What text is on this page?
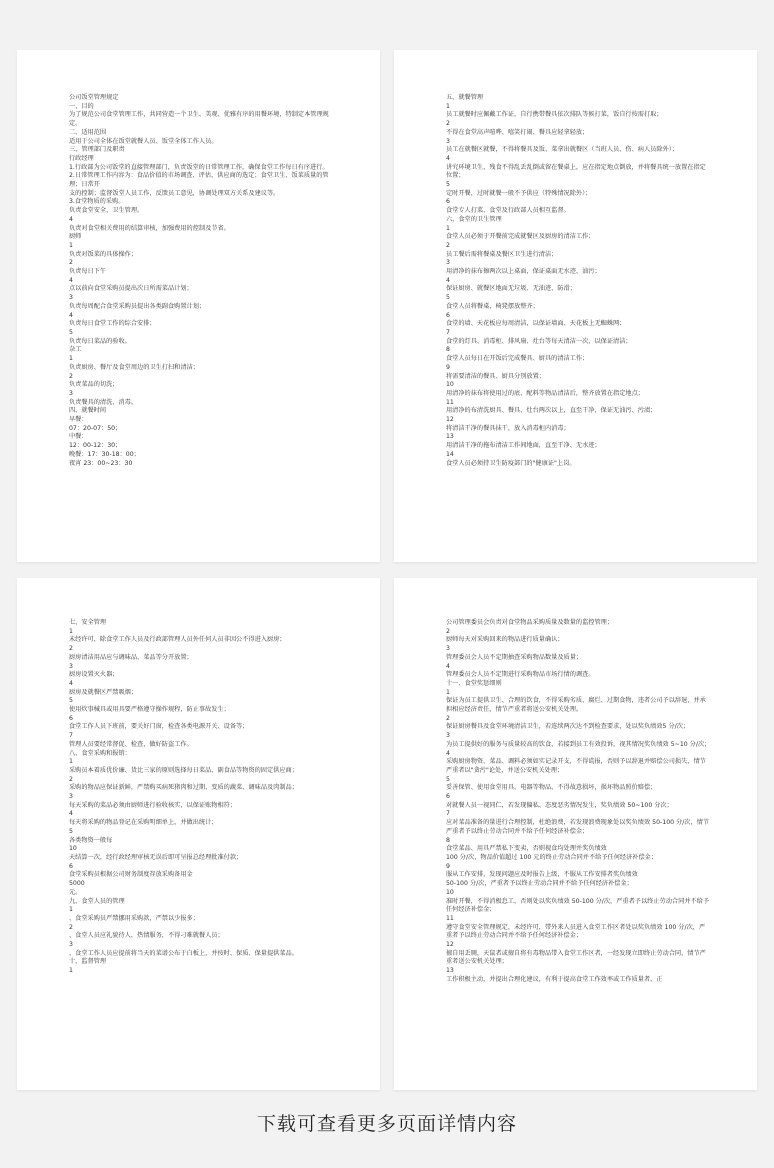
公司饭堂管理规定

一、目的

为了规范公司食堂管理工作，共同营造一个卫生、美观、优雅有序的用餐环境，特制定本管理规定。

二、适用范围

适用于公司全体在饭堂就餐人员、饭堂全体工作人员。

三、管理部门及职责

行政经理

1.行政部为公司饭堂的直接管理部门，负责饭堂的日常管理工作，确保食堂工作每日有序进行。

2.日常管理工作内容为：食品价值的市场调查、评估、供应商的选定；食堂卫生、饭菜质量的管理；日常开

支的控制；监督饭堂人员工作，反馈员工意见，协调处理双方关系及建议等。

3.食堂物质的采购。

负责食堂安全，卫生管理。

4

负责对食堂相关费用的结算审核，加强费用的控制及节省。

厨师

1

负责对饭菜的具体操作；

2

负责每日下午

4

点以前向食堂采购员提出次日所需菜品计划；

3

负责每周配合食堂采购员提出各类副食购置计划；

4

负责每日食堂工作的综合安排；

5

负责每日菜品的验收。

杂工

1

负责厨房、餐厅及食堂周边的卫生打扫和清洁；

2

负责菜品的切洗；

3

负责餐具的清洗、消毒。

四、就餐时间

早餐：

07：20-07：50；

中餐：

12：00-12：30；

晚餐：17：30-18：00；

夜宵 23：00~23：30

五、就餐管理

1

员工就餐时应佩戴工作证，自行携带餐具依次排队等候打菜，饭自行按需打取；

2

不得在食堂高声喧哗、嘻笑打闹、餐具应轻拿轻放；

3

员工在就餐区就餐，不得将餐具及饭、菜拿出就餐区（当班人员、伤、病人员除外）；

4

讲究环境卫生，残食不得乱丢乱倒或留在餐桌上，应在指定地点倒放，并将餐具统一放置在指定位置；

5

定时开餐，过时就餐一般不予供应（特殊情况除外）；

6

食堂专人打菜，食堂及行政部人员相互监督。

六、食堂的卫生管理

1

食堂人员必须于开餐前完成就餐区及厨房的清洁工作；

2

员工餐后需将餐桌及餐区卫生进行清洁；

3

用清净的抹布擦两次以上桌面，保证桌面无水迹、油污；

4

保证厨房、就餐区地面无垃圾、无油迹、防滑；

5

食堂人员将餐桌、椅凳摆放整齐；

6

食堂的墙、天花板应每周清洁，以保证墙面、天花板上无蜘蛛网；

7

食堂的灯具、消毒柜、排风扇、灶台等每天清洁一次，以保证清洁；

8

食堂人员每日在开饭后完成餐具、厨具的清洁工作；

9

将需要清洁的餐具、厨具分别放置；

10

用清净的抹布将使用过的底、配料等物品清洁后，整齐放置在指定地点；

11

用清净的布清洗厨具、餐具、灶台两次以上，直至干净，保证无油污、污渍；

12

将清洁干净的餐具抹干，放入消毒柜内消毒；

13

用清洁干净的拖布清洁工作间地面，直至干净、无水迹；

14

食堂人员必须持卫生防疫部门的"健康证"上岗。

七、安全管理

1

未经许可，除食堂工作人员及行政部管理人员外任何人员非因公不得进入厨房；

2

厨房清洁用品应与调味品、菜品等分开放置；

3

厨房设置灭火器；

4

厨房及就餐区严禁吸烟；

5

使用炊事械具或用具要严格遵守操作规程，防止事故发生；

6

食堂工作人员下班前，要关好门窗，检查各类电源开关、设备等；

7

管理人员要经常督促、检查，做好防盗工作。

八、食堂采购和报销：

1

采购员本着质优价廉、货比三家的原则选择每日菜品、副食品等物资的固定供应商；

2

采购的物品应保证新鲜，严禁购买病死猪肉和过期、变质的蔬菜、调味品及肉制品；

3

每天采购的菜品必须由厨师进行验收核实，以保证账物相符；

4

每天将采购的物品登记在采购明细单上，并做出统计；

5

各类物资一般每

10

天结算一次，经行政经理审核无误后即可呈报总经理批准付款；

6

食堂采购员根据公司财务制度存放采购备用金

5000

元。

九、食堂人员的管理

1

、食堂采购员严禁挪用采购款，严禁以少报多；

2

、食堂人员应礼貌待人，热情服务，不得刁难就餐人员；

3

、食堂工作人员应提前将当天的菜谱公布于白板上，并按时、保质、保量提供菜品。

十、监督管理

1

公司管理委员会负责对食堂物品采购质量及数量的监控管理；

2

厨师每天对采购回来的物品进行质量确认；

3

管理委员会人员不定期抽查采购物品数量及质量；

4

管理委员会人员不定期进行采购物品市场行情的调查。

十一、食堂奖惩细则

1

保证为员工提供卫生、合理的饮食，不得采购劣质、腐烂、过期食物，违者公司予以辞退，并承担相应经济责任，情节严重者将送公安机关处理。

2

保证厨房餐具及食堂环境清洁卫生，若连续两次达不到检查要求，处以奖负绩效5 分/次；

3

为员工提供好的服务与质量较高的饮食，若接到员工有效投诉，视其情况奖负绩效 5~10 分/次；

4

采购厨房物资、菜品、调料必须如实记录开支，不得谎报，否则予以辞退并赔偿公司损失，情节严重者以"贪污"论处，并送公安机关处理；

5

妥善保管、使用食堂用具、电器等物品，不得故意损坏，损坏物品照价赔偿；

6

对就餐人员一视同仁，若发现偏私、态度恶劣情况发生，奖负绩效 50~100 分次；

7

应对菜品准备的量进行合理控制，杜绝浪费，若发现浪费现象处以奖负绩效 50-100 分/次，情节严重者予以终止劳动合同并不给予任何经济补偿金；

8

食堂菜品、用具严禁私下变卖，否则视食均处理并奖负绩效

100 分/次，物品价值超过 100 元的终止劳动合同并不给予任何经济补偿金；

9

服从工作安排，发现问题应及时报告上级，不服从工作安排者奖负绩效

50-100 分/次，严重者予以终止劳动合同并不给予任何经济补偿金；

10

准时开餐，不得消极怠工，否则处以奖负绩效 50-100 分/次，严重者予以终止劳动合同并不给予任何经济补偿金；

11

遵守食堂安全管理规定，未经许可，带外来人员进入食堂工作区者处以奖负绩效 100 分/次，严重者予以终止劳动合同并不给予任何经济补偿金；

12

擅自用丢厕，天鼠者或擅自将有毒物品带入食堂工作区者，一经发现立即终止劳动合同，情节严重者送公安机关处理；

13

工作积极主动，并提出合理化建议，有利于提高食堂工作效率或工作质量者，正

下载可查看更多页面详情内容
